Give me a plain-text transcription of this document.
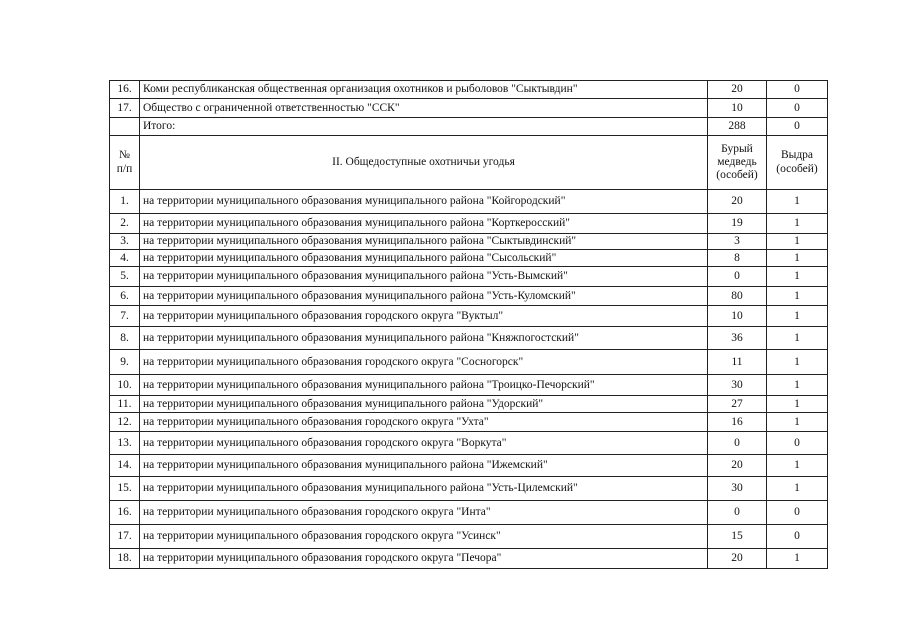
16.	Коми республиканская общественная организация охотников и рыболовов "Сыктывдин"	20	0
17.	Общество с ограниченной ответственностью "ССК"	10	0
	Итого:	288	0
№ п/п	II. Общедоступные охотничьи угодья	Бурый медведь (особей)	Выдра (особей)
1.	на территории муниципального образования муниципального района "Койгородский"	20	1
2.	на территории муниципального образования муниципального района "Корткеросский"	19	1
3.	на территории муниципального образования муниципального района "Сыктывдинский"	3	1
4.	на территории муниципального образования муниципального района "Сысольский"	8	1
5.	на территории муниципального образования муниципального района "Усть-Вымский"	0	1
6.	на территории муниципального образования муниципального района "Усть-Куломский"	80	1
7.	на территории муниципального образования городского округа "Вуктыл"	10	1
8.	на территории муниципального образования муниципального района "Княжпогостский"	36	1
9.	на территории муниципального образования городского округа "Сосногорск"	11	1
10.	на территории муниципального образования муниципального района "Троицко-Печорский"	30	1
11.	на территории муниципального образования муниципального района "Удорский"	27	1
12.	на территории муниципального образования городского округа "Ухта"	16	1
13.	на территории муниципального образования городского округа "Воркута"	0	0
14.	на территории муниципального образования муниципального района "Ижемский"	20	1
15.	на территории муниципального образования муниципального района "Усть-Цилемский"	30	1
16.	на территории муниципального образования городского округа "Инта"	0	0
17.	на территории муниципального образования городского округа "Усинск"	15	0
18.	на территории муниципального образования городского округа "Печора"	20	1
